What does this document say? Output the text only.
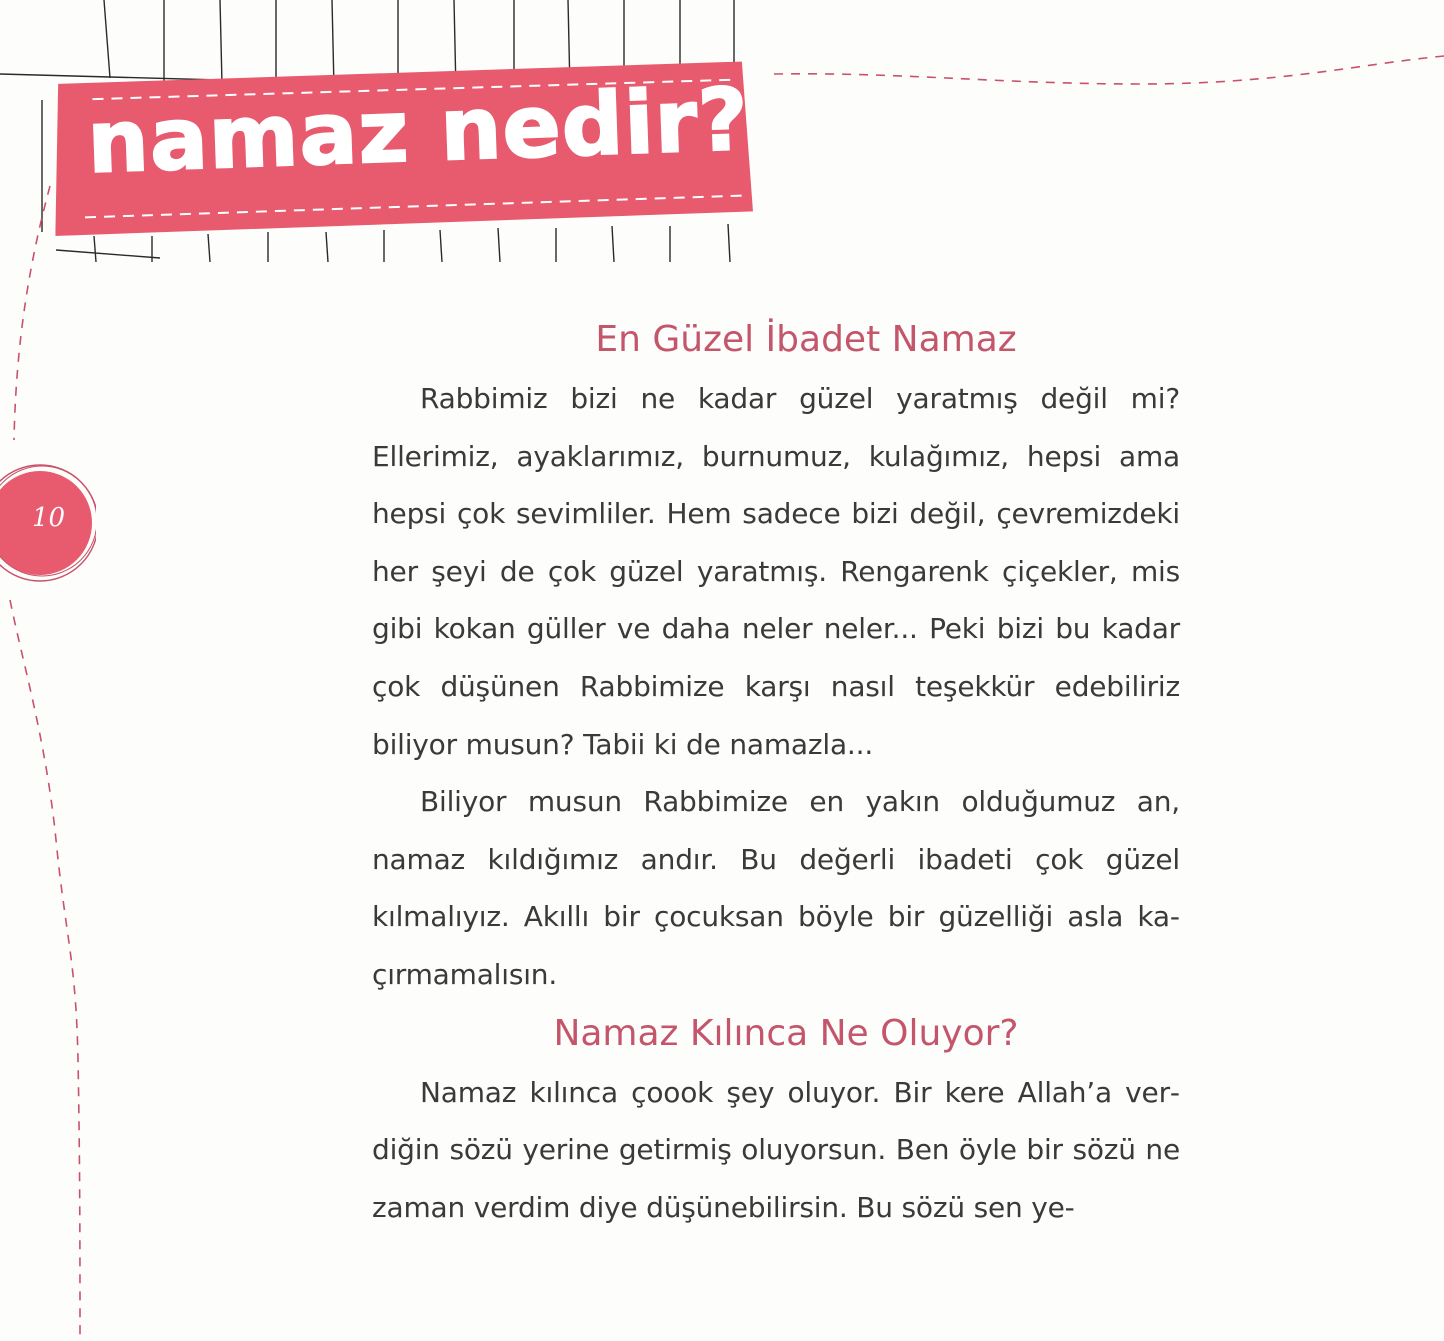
namaz nedir?
10
En Güzel İbadet Namaz

Rabbimiz bizi ne kadar güzel yaratmış değil mi? Ellerimiz, ayaklarımız, burnumuz, kulağımız, hepsi ama hepsi çok sevimliler. Hem sadece bizi değil, çevremizdeki her şeyi de çok güzel yaratmış. Rengarenk çiçekler, mis gibi kokan güller ve daha neler neler... Peki bizi bu kadar çok düşünen Rabbimize karşı nasıl teşekkür edebiliriz biliyor musun? Tabii ki de namazla...

Biliyor musun Rabbimize en yakın olduğumuz an, namaz kıldığımız andır. Bu değerli ibadeti çok güzel kılmalıyız. Akıllı bir çocuksan böyle bir güzelliği asla kaçırmamalısın.

Namaz Kılınca Ne Oluyor?

Namaz kılınca çoook şey oluyor. Bir kere Allah’a verdiğin sözü yerine getirmiş oluyorsun. Ben öyle bir sözü ne zaman verdim diye düşünebilirsin. Bu sözü sen ye-
